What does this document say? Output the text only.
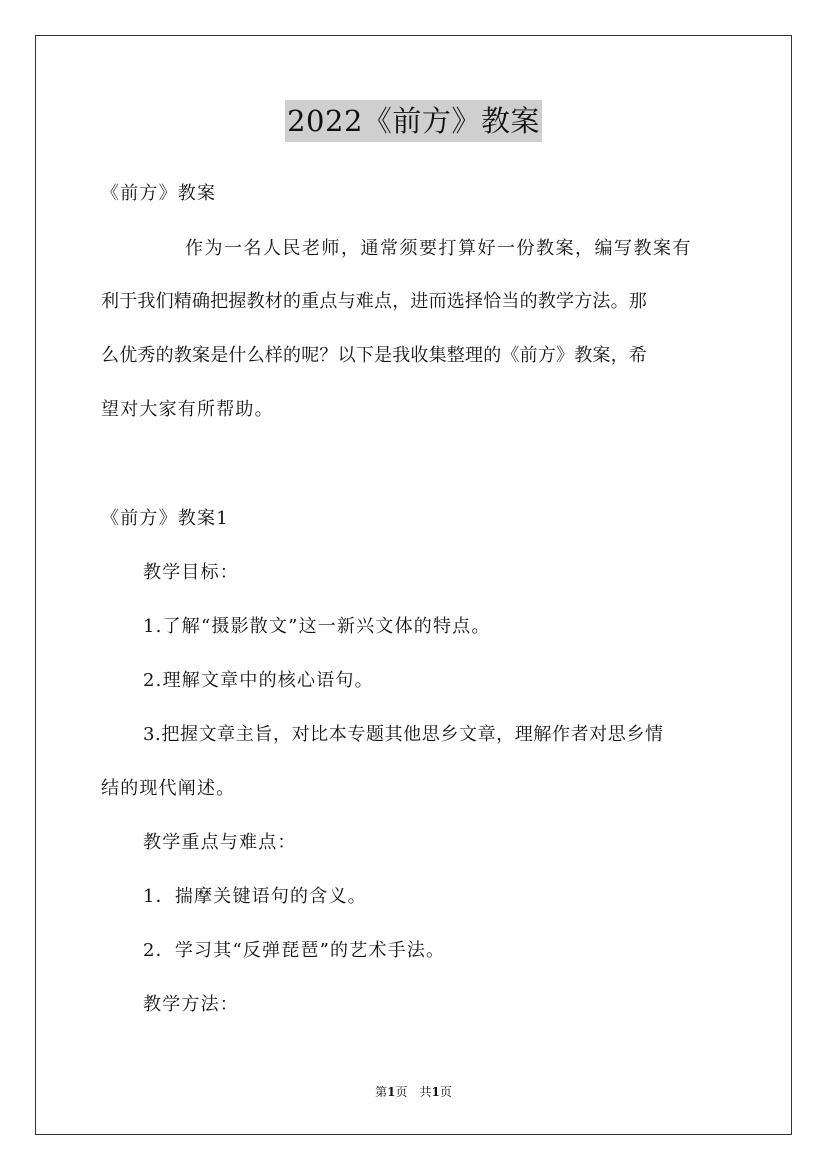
2022《前方》教案
《前方》教案
作为一名人民老师，通常须要打算好一份教案，编写教案有
利于我们精确把握教材的重点与难点，进而选择恰当的教学方法。那
么优秀的教案是什么样的呢？以下是我收集整理的《前方》教案，希
望对大家有所帮助。
《前方》教案1
教学目标：
1.了解“摄影散文”这一新兴文体的特点。
2.理解文章中的核心语句。
3.把握文章主旨，对比本专题其他思乡文章，理解作者对思乡情
结的现代阐述。
教学重点与难点：
1．揣摩关键语句的含义。
2．学习其“反弹琵琶”的艺术手法。
教学方法：
第1页　共1页
